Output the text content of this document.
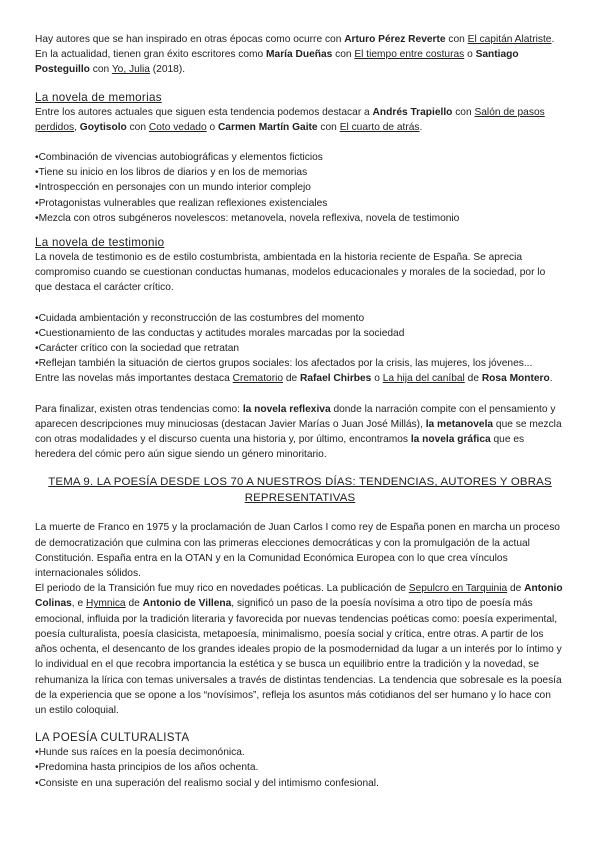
Hay autores que se han inspirado en otras épocas como ocurre con Arturo Pérez Reverte con El capitán Alatriste. En la actualidad, tienen gran éxito escritores como María Dueñas con El tiempo entre costuras o Santiago Posteguillo con Yo, Julia (2018).

La novela de memorias

Entre los autores actuales que siguen esta tendencia podemos destacar a Andrés Trapiello con Salón de pasos perdidos, Goytisolo con Coto vedado o Carmen Martín Gaite con El cuarto de atrás.

• Combinación de vivencias autobiográficas y elementos ficticios
• Tiene su inicio en los libros de diarios y en los de memorias
• Introspección en personajes con un mundo interior complejo
• Protagonistas vulnerables que realizan reflexiones existenciales
• Mezcla con otros subgéneros novelescos: metanovela, novela reflexiva, novela de testimonio
La novela de testimonio

La novela de testimonio es de estilo costumbrista, ambientada en la historia reciente de España. Se aprecia compromiso cuando se cuestionan conductas humanas, modelos educacionales y morales de la sociedad, por lo que destaca el carácter crítico.

• Cuidada ambientación y reconstrucción de las costumbres del momento
• Cuestionamiento de las conductas y actitudes morales marcadas por la sociedad
• Carácter crítico con la sociedad que retratan
• Reflejan también la situación de ciertos grupos sociales: los afectados por la crisis, las mujeres, los jóvenes...

Entre las novelas más importantes destaca Crematorio de Rafael Chirbes o La hija del caníbal de Rosa Montero.

Para finalizar, existen otras tendencias como: la novela reflexiva donde la narración compite con el pensamiento y aparecen descripciones muy minuciosas (destacan Javier Marías o Juan José Millás), la metanovela que se mezcla con otras modalidades y el discurso cuenta una historia y, por último, encontramos la novela gráfica que es heredera del cómic pero aún sigue siendo un género minoritario.

TEMA 9. LA POESÍA DESDE LOS 70 A NUESTROS DÍAS: TENDENCIAS, AUTORES Y OBRAS REPRESENTATIVAS

La muerte de Franco en 1975 y la proclamación de Juan Carlos I como rey de España ponen en marcha un proceso de democratización que culmina con las primeras elecciones democráticas y con la promulgación de la actual Constitución. España entra en la OTAN y en la Comunidad Económica Europea con lo que crea vínculos internacionales sólidos.

El periodo de la Transición fue muy rico en novedades poéticas. La publicación de Sepulcro en Tarquinia de Antonio Colinas, e Hymnica de Antonio de Villena, significó un paso de la poesía novísima a otro tipo de poesía más emocional, influida por la tradición literaria y favorecida por nuevas tendencias poéticas como: poesía experimental, poesía culturalista, poesía clasicista, metapoesía, minimalismo, poesía social y crítica, entre otras. A partir de los años ochenta, el desencanto de los grandes ideales propio de la posmodernidad da lugar a un interés por lo íntimo y lo individual en el que recobra importancia la estética y se busca un equilibrio entre la tradición y la novedad, se rehumaniza la lírica con temas universales a través de distintas tendencias. La tendencia que sobresale es la poesía de la experiencia que se opone a los “novísimos”, refleja los asuntos más cotidianos del ser humano y lo hace con un estilo coloquial.

LA POESÍA CULTURALISTA
• Hunde sus raíces en la poesía decimonónica.
• Predomina hasta principios de los años ochenta.
• Consiste en una superación del realismo social y del intimismo confesional.
